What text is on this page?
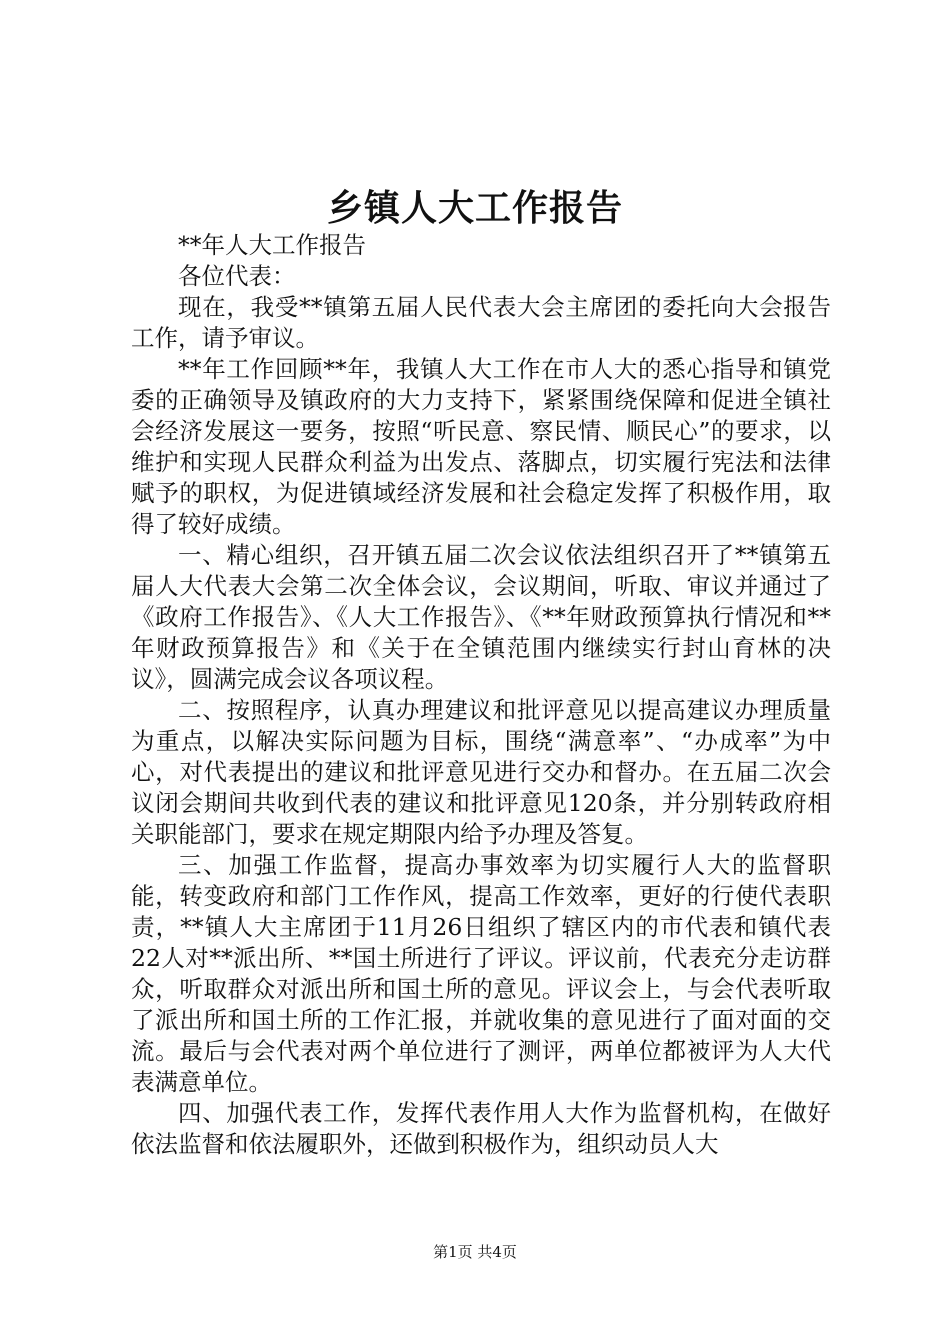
乡镇人大工作报告

**年人大工作报告

各位代表：

现在，我受**镇第五届人民代表大会主席团的委托向大会报告工作，请予审议。

**年工作回顾**年，我镇人大工作在市人大的悉心指导和镇党委的正确领导及镇政府的大力支持下，紧紧围绕保障和促进全镇社会经济发展这一要务，按照“听民意、察民情、顺民心”的要求，以维护和实现人民群众利益为出发点、落脚点，切实履行宪法和法律赋予的职权，为促进镇域经济发展和社会稳定发挥了积极作用，取得了较好成绩。

一、精心组织，召开镇五届二次会议依法组织召开了**镇第五届人大代表大会第二次全体会议，会议期间，听取、审议并通过了《政府工作报告》、《人大工作报告》、《**年财政预算执行情况和**年财政预算报告》和《关于在全镇范围内继续实行封山育林的决议》，圆满完成会议各项议程。

二、按照程序，认真办理建议和批评意见以提高建议办理质量为重点，以解决实际问题为目标，围绕“满意率”、“办成率”为中心，对代表提出的建议和批评意见进行交办和督办。在五届二次会议闭会期间共收到代表的建议和批评意见120条，并分别转政府相关职能部门，要求在规定期限内给予办理及答复。

三、加强工作监督，提高办事效率为切实履行人大的监督职能，转变政府和部门工作作风，提高工作效率，更好的行使代表职责，**镇人大主席团于11月26日组织了辖区内的市代表和镇代表22人对**派出所、**国土所进行了评议。评议前，代表充分走访群众，听取群众对派出所和国土所的意见。评议会上，与会代表听取了派出所和国土所的工作汇报，并就收集的意见进行了面对面的交流。最后与会代表对两个单位进行了测评，两单位都被评为人大代表满意单位。

四、加强代表工作，发挥代表作用人大作为监督机构，在做好依法监督和依法履职外，还做到积极作为，组织动员人大

第1页 共4页
